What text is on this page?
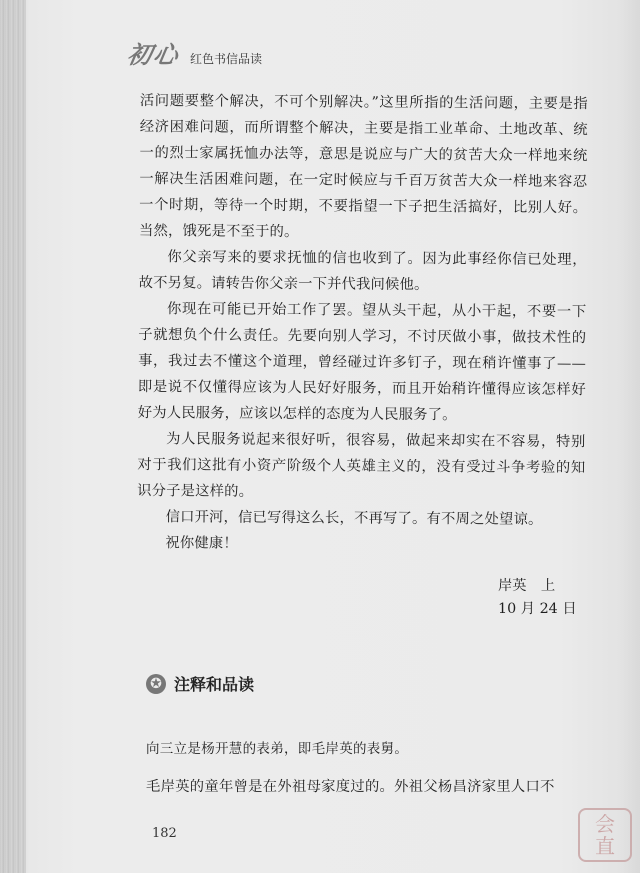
初心 红色书信品读

活问题要整个解决，不可个别解决。”这里所指的生活问题，主要是指经济困难问题，而所谓整个解决，主要是指工业革命、土地改革、统一的烈士家属抚恤办法等，意思是说应与广大的贫苦大众一样地来统一解决生活困难问题，在一定时候应与千百万贫苦大众一样地来容忍一个时期，等待一个时期，不要指望一下子把生活搞好，比别人好。当然，饿死是不至于的。

你父亲写来的要求抚恤的信也收到了。因为此事经你信已处理，故不另复。请转告你父亲一下并代我问候他。

你现在可能已开始工作了罢。望从头干起，从小干起，不要一下子就想负个什么责任。先要向别人学习，不讨厌做小事，做技术性的事，我过去不懂这个道理，曾经碰过许多钉子，现在稍许懂事了——即是说不仅懂得应该为人民好好服务，而且开始稍许懂得应该怎样好好为人民服务，应该以怎样的态度为人民服务了。

为人民服务说起来很好听，很容易，做起来却实在不容易，特别对于我们这批有小资产阶级个人英雄主义的，没有受过斗争考验的知识分子是这样的。

信口开河，信已写得这么长，不再写了。有不周之处望谅。

祝你健康！

岸英　上
10 月 24 日
✪ 注释和品读
向三立是杨开慧的表弟，即毛岸英的表舅。
毛岸英的童年曾是在外祖母家度过的。外祖父杨昌济家里人口不
182	会
直
